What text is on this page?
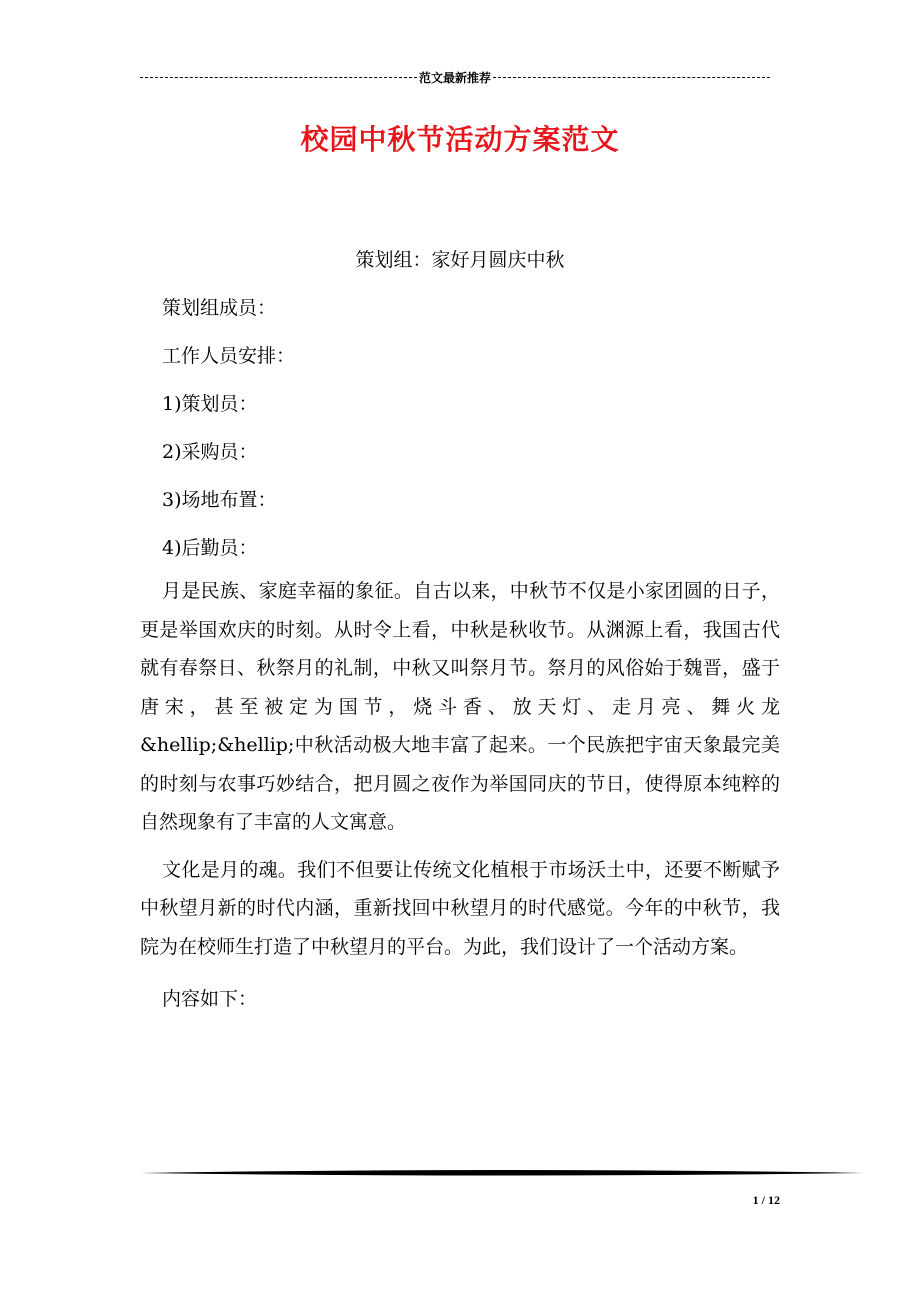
范文最新推荐
校园中秋节活动方案范文

策划组：家好月圆庆中秋

策划组成员：

工作人员安排：

1)策划员：

2)采购员：

3)场地布置：

4)后勤员：

月是民族、家庭幸福的象征。自古以来，中秋节不仅是小家团圆的日子，更是举国欢庆的时刻。从时令上看，中秋是秋收节。从渊源上看，我国古代就有春祭日、秋祭月的礼制，中秋又叫祭月节。祭月的风俗始于魏晋，盛于唐宋，甚至被定为国节，烧斗香、放天灯、走月亮、舞火龙&hellip;&hellip;中秋活动极大地丰富了起来。一个民族把宇宙天象最完美的时刻与农事巧妙结合，把月圆之夜作为举国同庆的节日，使得原本纯粹的自然现象有了丰富的人文寓意。

文化是月的魂。我们不但要让传统文化植根于市场沃土中，还要不断赋予中秋望月新的时代内涵，重新找回中秋望月的时代感觉。今年的中秋节，我院为在校师生打造了中秋望月的平台。为此，我们设计了一个活动方案。

内容如下：

1 / 12
